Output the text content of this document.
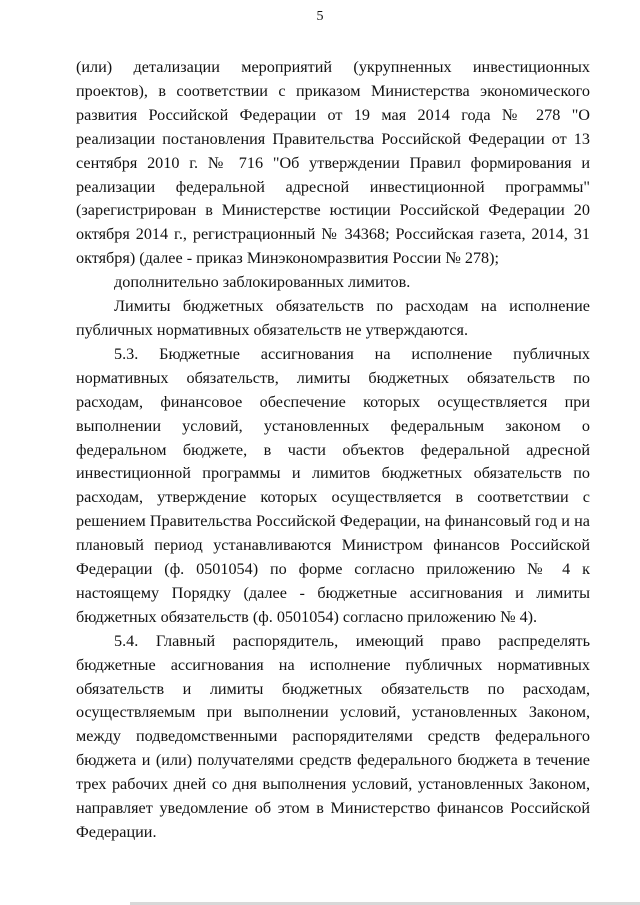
5

(или) детализации мероприятий (укрупненных инвестиционных проектов), в соответствии с приказом Министерства экономического развития Российской Федерации от 19 мая 2014 года № 278 "О реализации постановления Правительства Российской Федерации от 13 сентября 2010 г. № 716 "Об утверждении Правил формирования и реализации федеральной адресной инвестиционной программы" (зарегистрирован в Министерстве юстиции Российской Федерации 20 октября 2014 г., регистрационный № 34368; Российская газета, 2014, 31 октября) (далее - приказ Минэкономразвития России № 278);

дополнительно заблокированных лимитов.

Лимиты бюджетных обязательств по расходам на исполнение публичных нормативных обязательств не утверждаются.

5.3. Бюджетные ассигнования на исполнение публичных нормативных обязательств, лимиты бюджетных обязательств по расходам, финансовое обеспечение которых осуществляется при выполнении условий, установленных федеральным законом о федеральном бюджете, в части объектов федеральной адресной инвестиционной программы и лимитов бюджетных обязательств по расходам, утверждение которых осуществляется в соответствии с решением Правительства Российской Федерации, на финансовый год и на плановый период устанавливаются Министром финансов Российской Федерации (ф. 0501054) по форме согласно приложению № 4 к настоящему Порядку (далее - бюджетные ассигнования и лимиты бюджетных обязательств (ф. 0501054) согласно приложению № 4).

5.4. Главный распорядитель, имеющий право распределять бюджетные ассигнования на исполнение публичных нормативных обязательств и лимиты бюджетных обязательств по расходам, осуществляемым при выполнении условий, установленных Законом, между подведомственными распорядителями средств федерального бюджета и (или) получателями средств федерального бюджета в течение трех рабочих дней со дня выполнения условий, установленных Законом, направляет уведомление об этом в Министерство финансов Российской Федерации.
